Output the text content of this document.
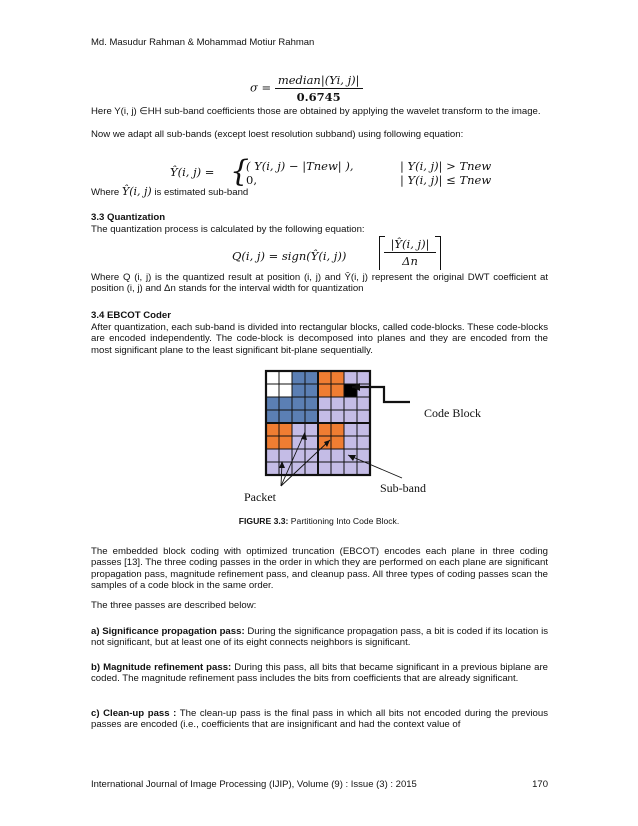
Md. Masudur Rahman & Mohammad Motiur Rahman
$\sigma = \frac{\text{median|(Yi, j)|}}{0.6745}$

Here Y(i, j) ∈HH sub-band coefficients those are obtained by applying the wavelet transform to the image.

Now we adapt all sub-bands (except loest resolution subband) using following equation:

Ŷ(i, j) = {
( Y(i, j) − |Tnew| ),	| Y(i, j)| > Tnew
0,	| Y(i, j)| ≤ Tnew

Where Ŷ(i, j) is estimated sub-band

3.3 Quantization

The quantization process is calculated by the following equation:

Q(i, j) = sign(Ŷ(i, j))	$\frac{|Ŷ(i, j)|}{\Delta n}$

Where Q (i, j) is the quantized result at position (i, j) and Ŷ(i, j) represent the original DWT coefficient at position (i, j) and Δn stands for the interval width for quantization

3.4 EBCOT Coder

After quantization, each sub-band is divided into rectangular blocks, called code-blocks. These code-blocks are encoded independently. The code-block is decomposed into planes and they are encoded from the most significant plane to the least significant bit-plane sequentially.

Code Block
Sub-band
Packet
FIGURE 3.3: Partitioning Into Code Block.

The embedded block coding with optimized truncation (EBCOT) encodes each plane in three coding passes [13]. The three coding passes in the order in which they are performed on each plane are significant propagation pass, magnitude refinement pass, and cleanup pass. All three types of coding passes scan the samples of a code block in the same order.

The three passes are described below:

a) Significance propagation pass: During the significance propagation pass, a bit is coded if its location is not significant, but at least one of its eight connects neighbors is significant.

b) Magnitude refinement pass: During this pass, all bits that became significant in a previous biplane are coded. The magnitude refinement pass includes the bits from coefficients that are already significant.

c) Clean-up pass : The clean-up pass is the final pass in which all bits not encoded during the previous passes are encoded (i.e., coefficients that are insignificant and had the context value of

International Journal of Image Processing (IJIP), Volume (9) : Issue (3) : 2015	170
